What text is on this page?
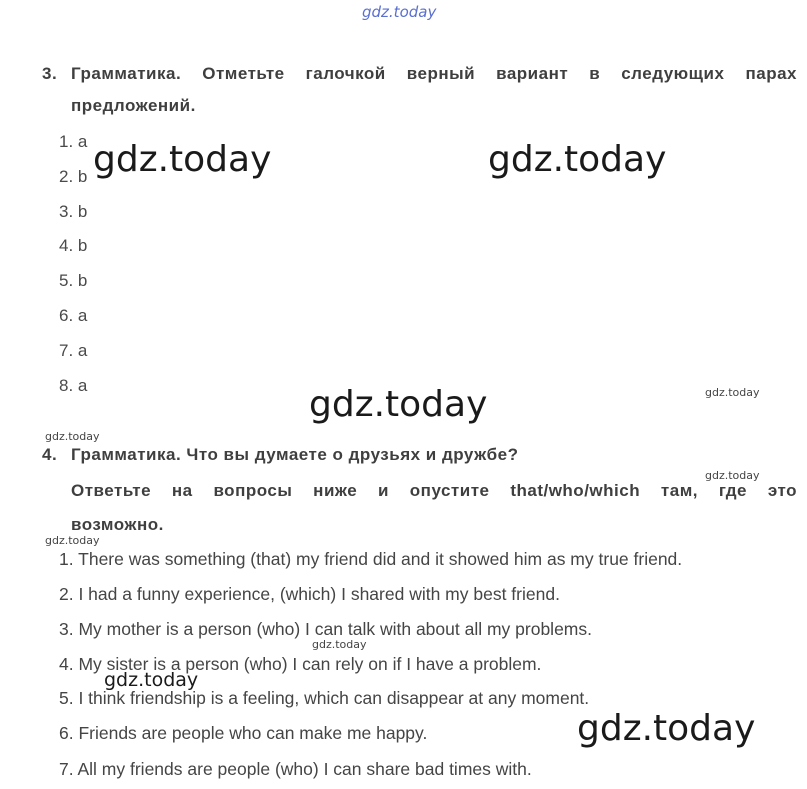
gdz.today
3. Грамматика. Отметьте галочкой верный вариант в следующих парах
предложений.
1. a
2. b
3. b
4. b
5. b
6. a
7. a
8. a
gdz.today	gdz.today
gdz.today
gdz.today
gdz.today
gdz.today
gdz.today
gdz.today
gdz.today
gdz.today
4. Грамматика. Что вы думаете о друзьях и дружбе?
Ответьте на вопросы ниже и опустите that/who/which там, где это
возможно.
1. There was something (that) my friend did and it showed him as my true friend.
2. I had a funny experience, (which) I shared with my best friend.
3. My mother is a person (who) I can talk with about all my problems.
4. My sister is a person (who) I can rely on if I have a problem.
5. I think friendship is a feeling, which can disappear at any moment.
6. Friends are people who can make me happy.
7. All my friends are people (who) I can share bad times with.
